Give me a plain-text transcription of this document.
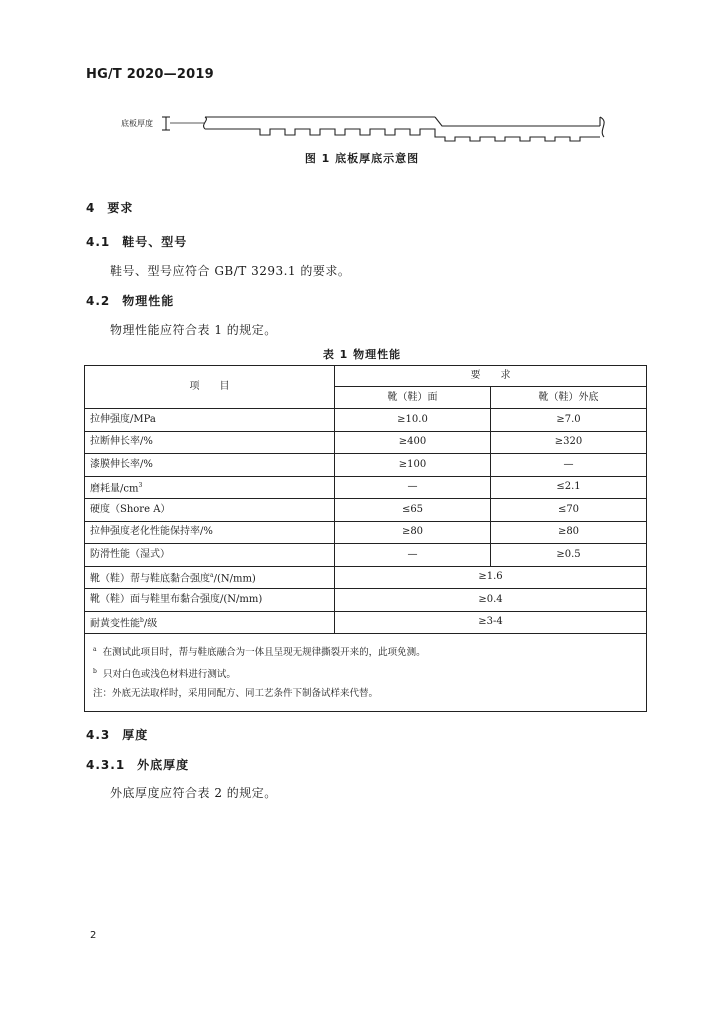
HG/T 2020—2019
底板厚度
图 1 底板厚底示意图
4 要求
4.1 鞋号、型号
鞋号、型号应符合 GB/T 3293.1 的要求。
4.2 物理性能
物理性能应符合表 1 的规定。
表 1 物理性能
项　　目	要　　求	
	靴（鞋）面	靴（鞋）外底
拉伸强度/MPa	≥10.0	≥7.0
拉断伸长率/%	≥400	≥320
漆膜伸长率/%	≥100	—
磨耗量$/cm^3$	—	≤2.1
硬度（Shore A）	≤65	≤70
拉伸强度老化性能保持率/%	≥80	≥80
防滑性能（湿式）	—	≥0.5
靴（鞋）帮与鞋底黏合强度$^a$/(N/mm)	≥1.6	
靴（鞋）面与鞋里布黏合强度/(N/mm)	≥0.4	
耐黄变性能$^b$/级	≥3-4	

$^a$ 在测试此项目时，帮与鞋底融合为一体且呈现无规律撕裂开来的，此项免测。
$^b$ 只对白色或浅色材料进行测试。
注：外底无法取样时，采用同配方、同工艺条件下制备试样来代替。		
4.3 厚度
4.3.1 外底厚度
外底厚度应符合表 2 的规定。
2
